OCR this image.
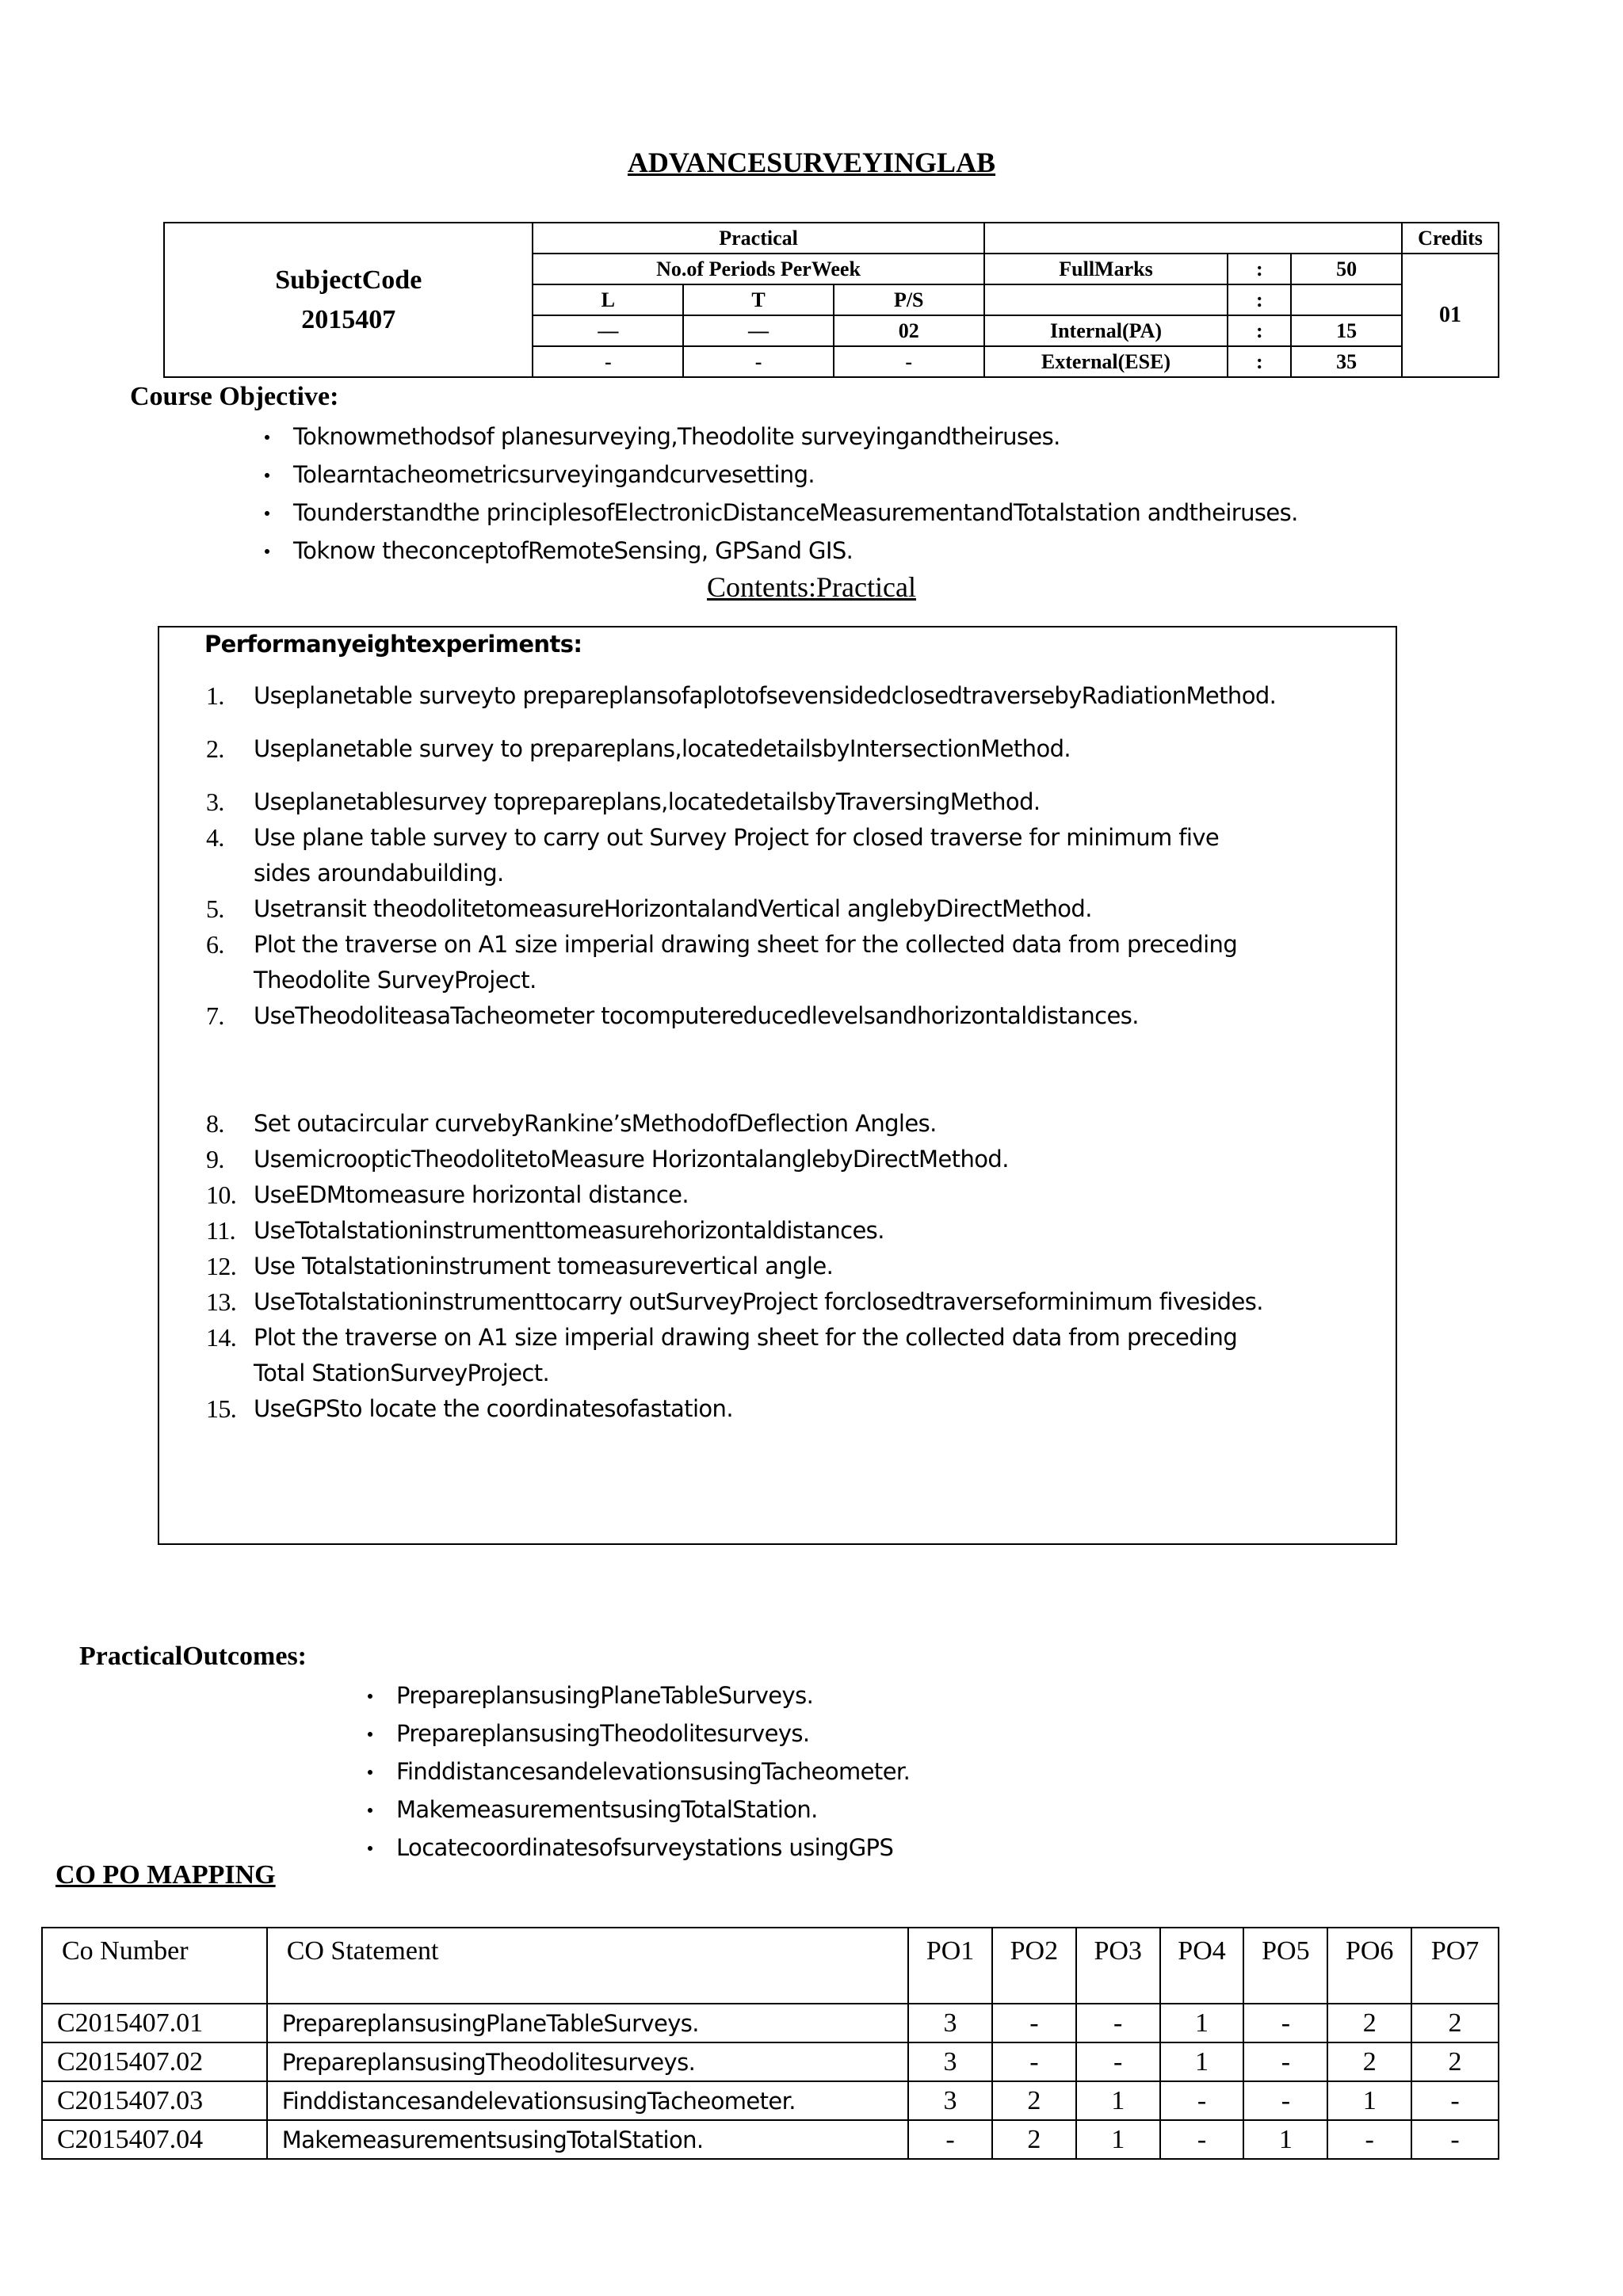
ADVANCESURVEYINGLAB
SubjectCode
2015407	Practical						Credits
	No.of Periods PerWeek			FullMarks	:	50	01
	L	T	P/S		:		
	—	—	02	Internal(PA)	:	15	
	-	-	-	External(ESE)	:	35	
Course Objective:
Toknowmethodsof planesurveying,Theodolite surveyingandtheiruses.
Tolearntacheometricsurveyingandcurvesetting.
Tounderstandthe principlesofElectronicDistanceMeasurementandTotalstation andtheiruses.
Toknow theconceptofRemoteSensing, GPSand GIS.
Contents:Practical
Performanyeightexperiments:
1.	Useplanetable surveyto prepareplansofaplotofsevensidedclosedtraversebyRadiationMethod.
2.	Useplanetable survey to prepareplans,locatedetailsbyIntersectionMethod.
3.	Useplanetablesurvey toprepareplans,locatedetailsbyTraversingMethod.
4.	Use plane table survey to carry out Survey Project for closed traverse for minimum five
sides aroundabuilding.
5.	Usetransit theodolitetomeasureHorizontalandVertical anglebyDirectMethod.
6.	Plot the traverse on A1 size imperial drawing sheet for the collected data from preceding
Theodolite SurveyProject.
7.	UseTheodoliteasaTacheometer tocomputereducedlevelsandhorizontaldistances.
8.	Set outacircular curvebyRankine’sMethodofDeflection Angles.
9.	UsemicroopticTheodolitetoMeasure HorizontalanglebyDirectMethod.
10. UseEDMtomeasure horizontal distance.
11. UseTotalstationinstrumenttomeasurehorizontaldistances.
12. Use Totalstationinstrument tomeasurevertical angle.
13. UseTotalstationinstrumenttocarry outSurveyProject forclosedtraverseforminimum fivesides.
14. Plot the traverse on A1 size imperial drawing sheet for the collected data from preceding
Total StationSurveyProject.
15. UseGPSto locate the coordinatesofastation.
PracticalOutcomes:
PrepareplansusingPlaneTableSurveys.
PrepareplansusingTheodolitesurveys.
FinddistancesandelevationsusingTacheometer.
MakemeasurementsusingTotalStation.
Locatecoordinatesofsurveystations usingGPS
CO PO MAPPING
Co Number	CO Statement	PO1	PO2	PO3	PO4	PO5	PO6	PO7
C2015407.01	PrepareplansusingPlaneTableSurveys.	3	-	-	1	-	2	2
C2015407.02	PrepareplansusingTheodolitesurveys.	3	-	-	1	-	2	2
C2015407.03	FinddistancesandelevationsusingTacheometer.	3	2	1	-	-	1	-
C2015407.04	MakemeasurementsusingTotalStation.	-	2	1	-	1	-	-
